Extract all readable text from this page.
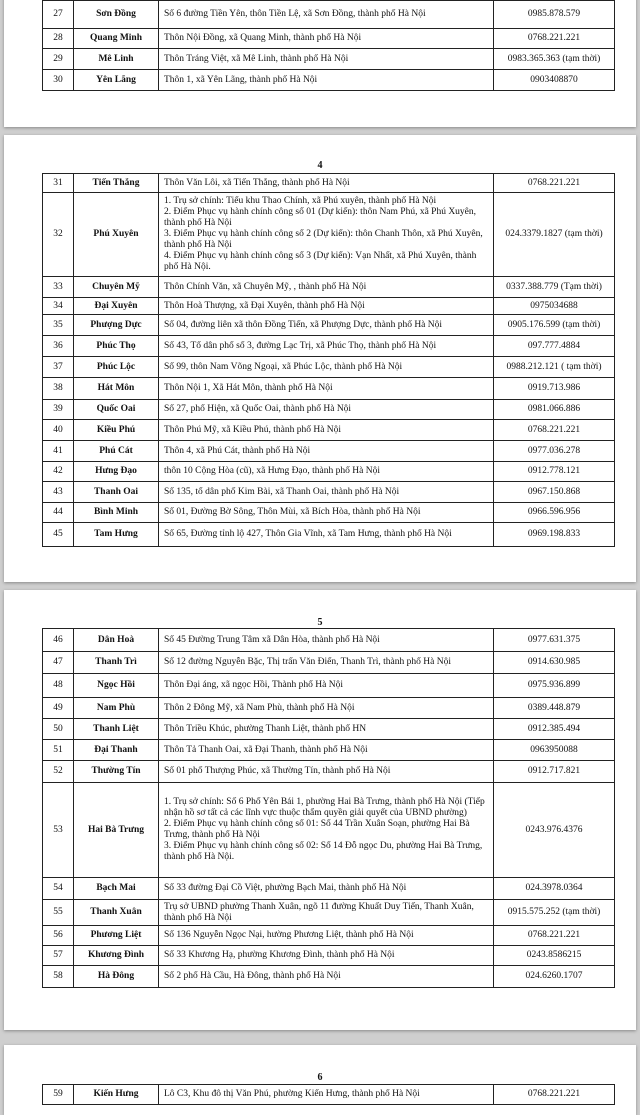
27	Sơn Đồng	Số 6 đường Tiền Yên, thôn Tiền Lệ, xã Sơn Đồng, thành phố Hà Nội	0985.878.579
28	Quang Minh	Thôn Nội Đồng, xã Quang Minh, thành phố Hà Nội	0768.221.221
29	Mê Linh	Thôn Tráng Việt, xã Mê Linh, thành phố Hà Nội	0983.365.363 (tạm thời)
30	Yên Lãng	Thôn 1, xã Yên Lãng, thành phố Hà Nội	0903408870
4
31	Tiến Thắng	Thôn Văn Lôi, xã Tiến Thắng, thành phố Hà Nội	0768.221.221
32	Phú Xuyên	1. Trụ sở chính: Tiểu khu Thao Chính, xã Phú xuyên, thành phố Hà Nội
2. Điểm Phục vụ hành chính công số 01 (Dự kiến): thôn Nam Phú, xã Phú Xuyên, thành phố Hà Nội
3. Điểm Phục vụ hành chính công số 2 (Dự kiến): thôn Chanh Thôn, xã Phú Xuyên, thành phố Hà Nội
4. Điểm Phục vụ hành chính công số 3 (Dự kiến): Vạn Nhất, xã Phú Xuyên, thành phố Hà Nội.	024.3379.1827 (tạm thời)
33	Chuyên Mỹ	Thôn Chính Văn, xã Chuyên Mỹ, , thành phố Hà Nội	0337.388.779 (Tạm thời)
34	Đại Xuyên	Thôn Hoà Thượng, xã Đại Xuyên, thành phố Hà Nội	0975034688
35	Phượng Dực	Số 04, đường liên xã thôn Đồng Tiến, xã Phượng Dực, thành phố Hà Nội	0905.176.599 (tạm thời)
36	Phúc Thọ	Số 43, Tổ dân phố số 3, đường Lạc Trị, xã Phúc Thọ, thành phố Hà Nội	097.777.4884
37	Phúc Lộc	Số 99, thôn Nam Võng Ngoại, xã Phúc Lộc, thành phố Hà Nội	0988.212.121 ( tạm thời)
38	Hát Môn	Thôn Nội 1, Xã Hát Môn, thành phố Hà Nội	0919.713.986
39	Quốc Oai	Số 27, phố Hiện, xã Quốc Oai, thành phố Hà Nội	0981.066.886
40	Kiều Phú	Thôn Phú Mỹ, xã Kiều Phú, thành phố Hà Nội	0768.221.221
41	Phú Cát	Thôn 4, xã Phú Cát, thành phố Hà Nội	0977.036.278
42	Hưng Đạo	thôn 10 Cộng Hòa (cũ), xã Hưng Đạo, thành phố Hà Nội	0912.778.121
43	Thanh Oai	Số 135, tổ dân phố Kim Bài, xã Thanh Oai, thành phố Hà Nội	0967.150.868
44	Bình Minh	Số 01, Đường Bờ Sông, Thôn Mùi, xã Bích Hòa, thành phố Hà Nội	0966.596.956
45	Tam Hưng	Số 65, Đường tỉnh lộ 427, Thôn Gia Vĩnh, xã Tam Hưng, thành phố Hà Nội	0969.198.833
5
46	Dân Hoà	Số 45 Đường Trung Tâm xã Dân Hòa, thành phố Hà Nội	0977.631.375
47	Thanh Trì	Số 12 đường Nguyễn Bặc, Thị trấn Văn Điển, Thanh Trì, thành phố Hà Nội	0914.630.985
48	Ngọc Hồi	Thôn Đại áng, xã ngọc Hồi, Thành phố Hà Nội	0975.936.899
49	Nam Phù	Thôn 2 Đông Mỹ, xã Nam Phù, thành phố Hà Nội	0389.448.879
50	Thanh Liệt	Thôn Triều Khúc, phường Thanh Liệt, thành phố HN	0912.385.494
51	Đại Thanh	Thôn Tả Thanh Oai, xã Đại Thanh, thành phố Hà Nội	0963950088
52	Thường Tín	Số 01 phố Thượng Phúc, xã Thường Tín, thành phố Hà Nội	0912.717.821
53	Hai Bà Trưng	1. Trụ sở chính: Số 6 Phố Yên Bái 1, phường Hai Bà Trưng, thành phố Hà Nội (Tiếp nhận hồ sơ tất cả các lĩnh vực thuộc thẩm quyền giải quyết của UBND phường)
2. Điểm Phục vụ hành chính công số 01: Số 44 Trần Xuân Soạn, phường Hai Bà Trưng, thành phố Hà Nội
3. Điểm Phục vụ hành chính công số 02: Số 14 Đỗ ngọc Du, phường Hai Bà Trưng, thành phố Hà Nội.	0243.976.4376
54	Bạch Mai	Số 33 đường Đại Cồ Việt, phường Bạch Mai, thành phố Hà Nội	024.3978.0364
55	Thanh Xuân	Trụ sở UBND phường Thanh Xuân, ngõ 11 đường Khuất Duy Tiến, Thanh Xuân, thành phố Hà Nội	0915.575.252 (tạm thời)
56	Phương Liệt	Số 136 Nguyễn Ngọc Nại, hường Phương Liệt, thành phố Hà Nội	0768.221.221
57	Khương Đình	Số 33 Khương Hạ, phường Khương Đình, thành phố Hà Nội	0243.8586215
58	Hà Đông	Số 2 phố Hà Cầu, Hà Đông, thành phố Hà Nội	024.6260.1707
6
59	Kiến Hưng	Lô C3, Khu đô thị Văn Phú, phường Kiến Hưng, thành phố Hà Nội	0768.221.221
